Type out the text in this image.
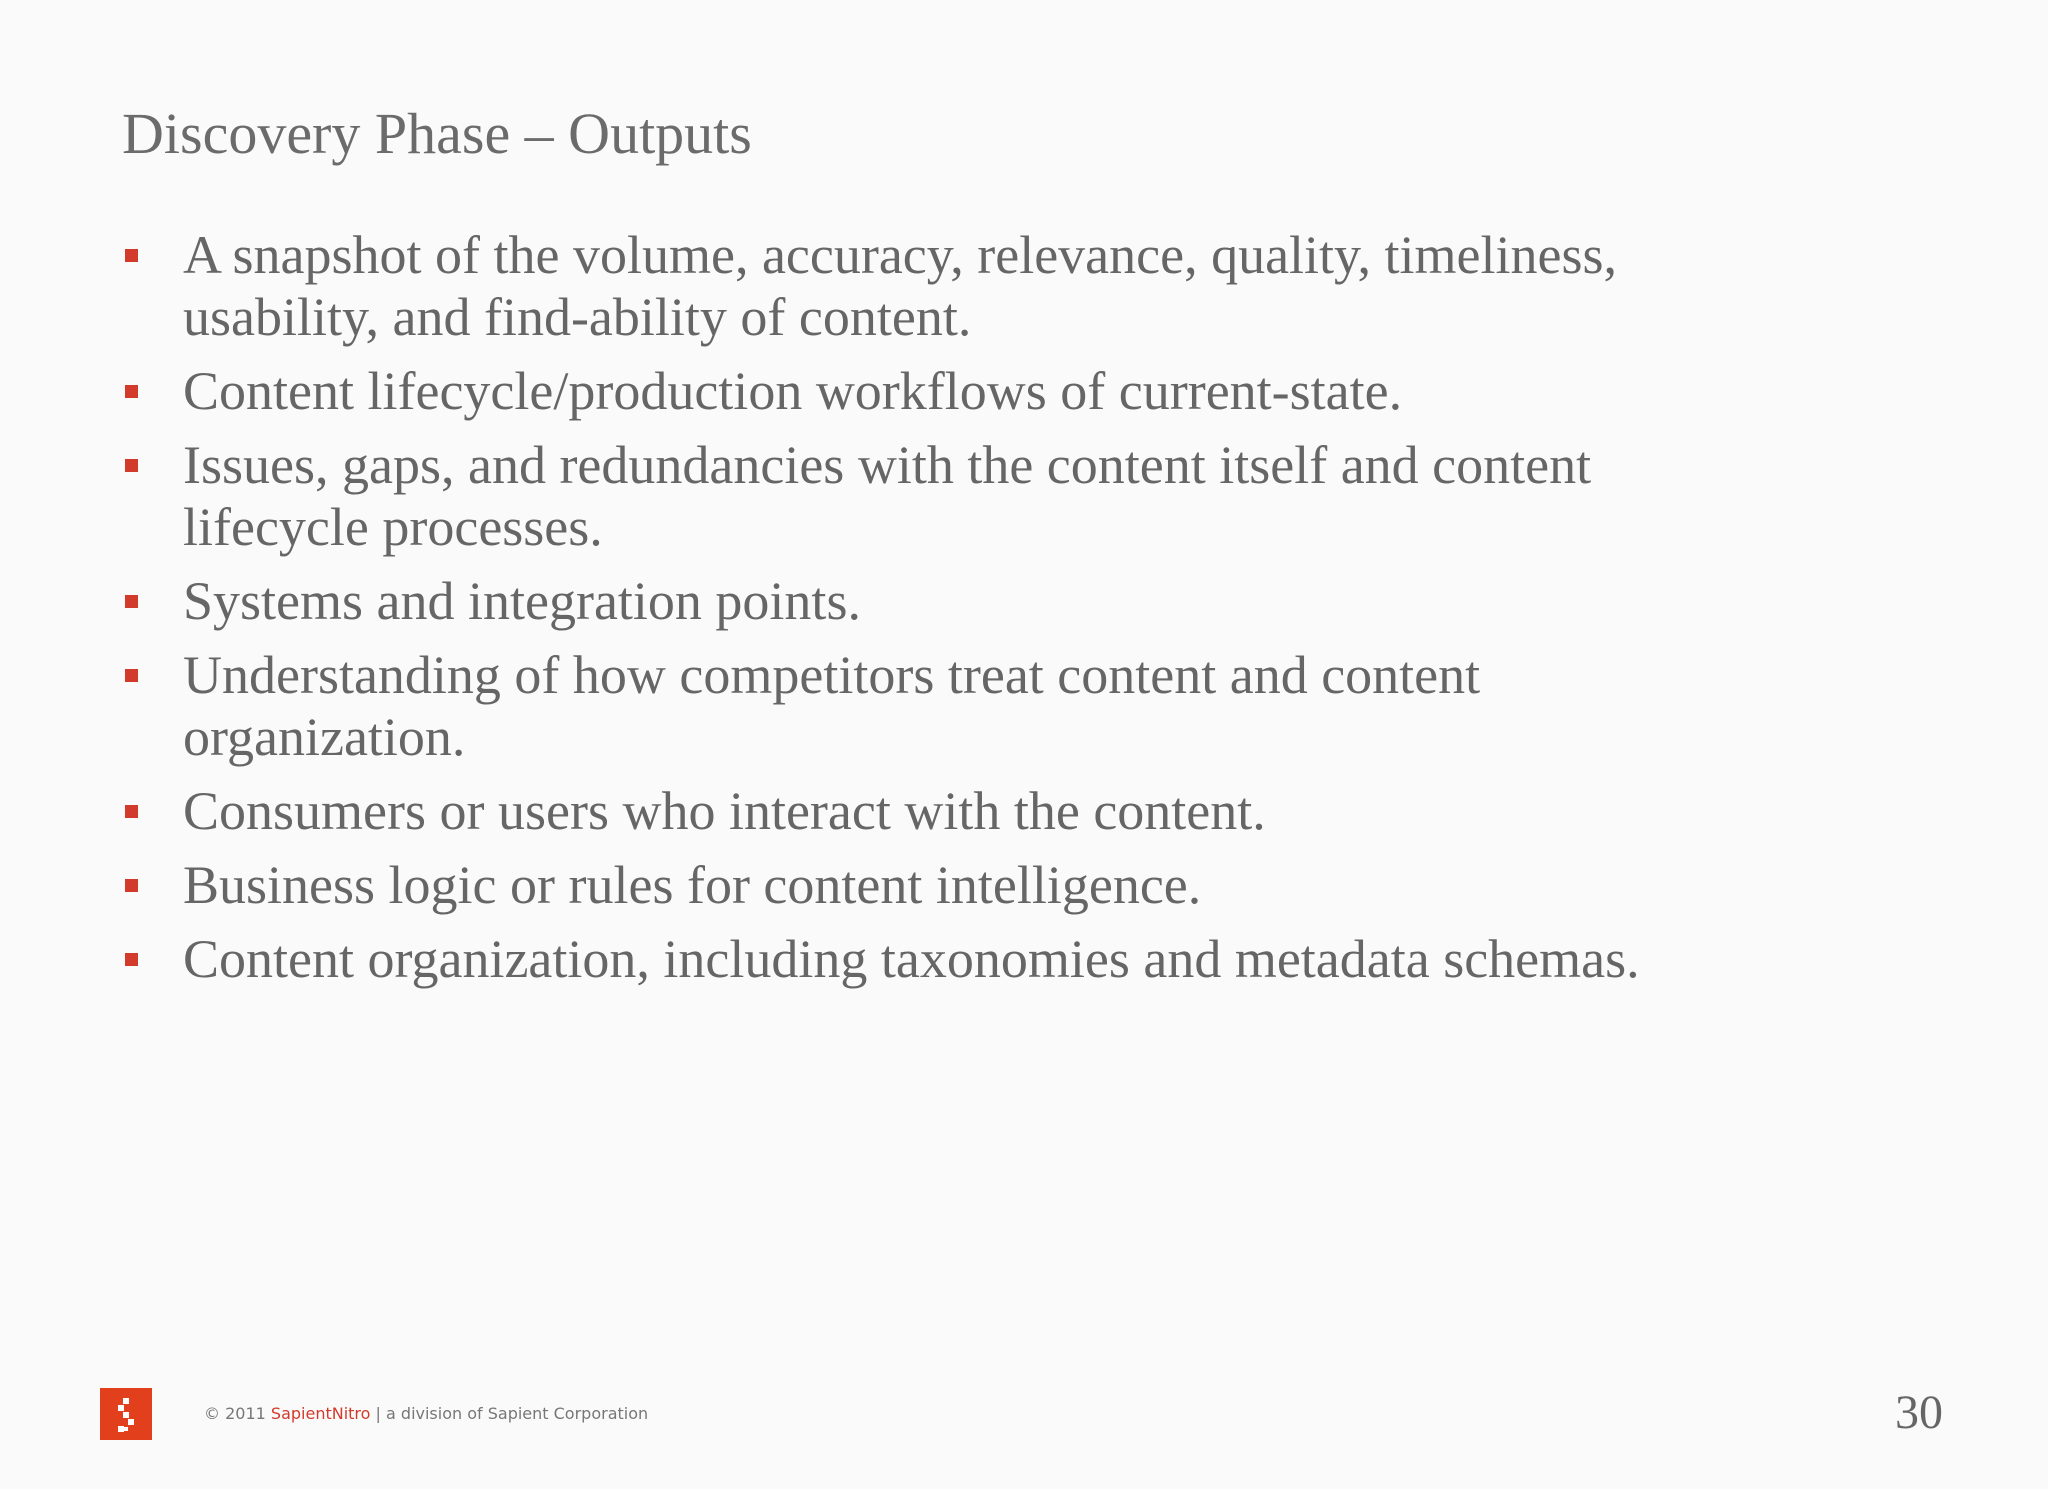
Discovery Phase – Outputs
A snapshot of the volume, accuracy, relevance, quality, timeliness, usability, and find-ability of content.
Content lifecycle/production workflows of current-state.
Issues, gaps, and redundancies with the content itself and content lifecycle processes.
Systems and integration points.
Understanding of how competitors treat content and content organization.
Consumers or users who interact with the content.
Business logic or rules for content intelligence.
Content organization, including taxonomies and metadata schemas.
© 2011 SapientNitro | a division of Sapient Corporation	30
